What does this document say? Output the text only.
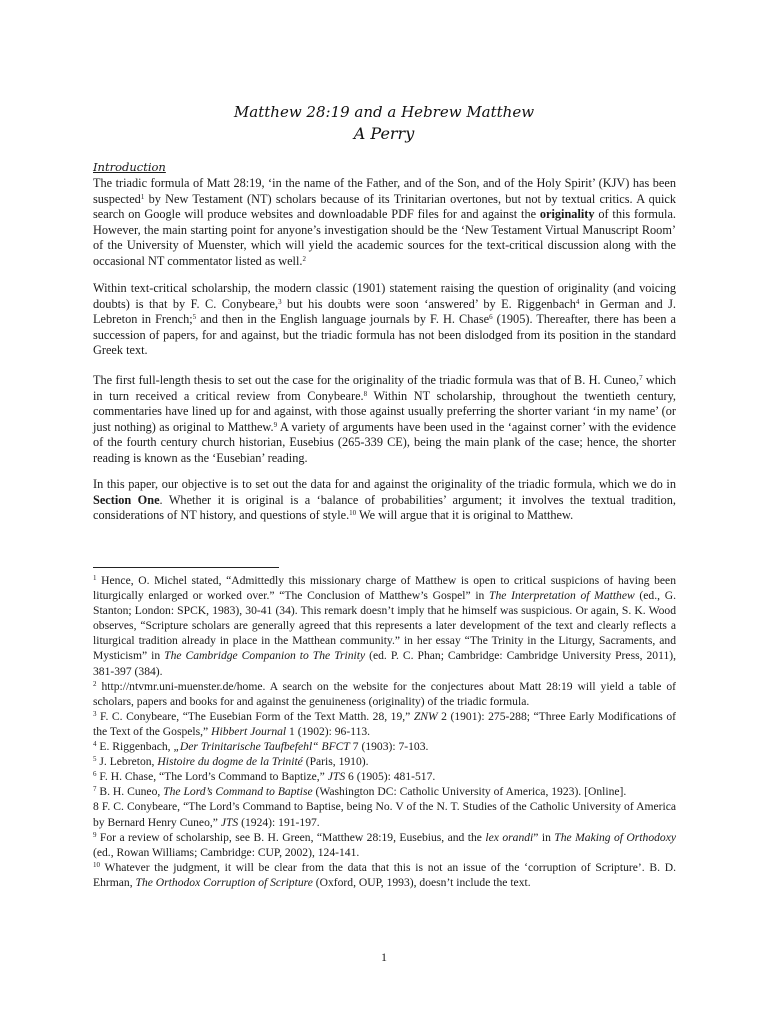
Matthew 28:19 and a Hebrew Matthew
A Perry
Introduction

The triadic formula of Matt 28:19, ‘in the name of the Father, and of the Son, and of the Holy Spirit’ (KJV) has been suspected$^1$ by New Testament (NT) scholars because of its Trinitarian overtones, but not by textual critics. A quick search on Google will produce websites and downloadable PDF files for and against the originality of this formula. However, the main starting point for anyone’s investigation should be the ‘New Testament Virtual Manuscript Room’ of the University of Muenster, which will yield the academic sources for the text-critical discussion along with the occasional NT commentator listed as well.$^2$

Within text-critical scholarship, the modern classic (1901) statement raising the question of originality (and voicing doubts) is that by F. C. Conybeare,$^3$ but his doubts were soon ‘answered’ by E. Riggenbach$^4$ in German and J. Lebreton in French;$^5$ and then in the English language journals by F. H. Chase$^6$ (1905). Thereafter, there has been a succession of papers, for and against, but the triadic formula has not been dislodged from its position in the standard Greek text.

The first full-length thesis to set out the case for the originality of the triadic formula was that of B. H. Cuneo,$^7$ which in turn received a critical review from Conybeare.$^8$ Within NT scholarship, throughout the twentieth century, commentaries have lined up for and against, with those against usually preferring the shorter variant ‘in my name’ (or just nothing) as original to Matthew.$^9$ A variety of arguments have been used in the ‘against corner’ with the evidence of the fourth century church historian, Eusebius (265-339 CE), being the main plank of the case; hence, the shorter reading is known as the ‘Eusebian’ reading.

In this paper, our objective is to set out the data for and against the originality of the triadic formula, which we do in Section One. Whether it is original is a ‘balance of probabilities’ argument; it involves the textual tradition, considerations of NT history, and questions of style.$^{10}$ We will argue that it is original to Matthew.

$^1$ Hence, O. Michel stated, “Admittedly this missionary charge of Matthew is open to critical suspicions of having been liturgically enlarged or worked over.” “The Conclusion of Matthew’s Gospel” in The Interpretation of Matthew (ed., G. Stanton; London: SPCK, 1983), 30-41 (34). This remark doesn’t imply that he himself was suspicious. Or again, S. K. Wood observes, “Scripture scholars are generally agreed that this represents a later development of the text and clearly reflects a liturgical tradition already in place in the Matthean community.” in her essay “The Trinity in the Liturgy, Sacraments, and Mysticism” in The Cambridge Companion to The Trinity (ed. P. C. Phan; Cambridge: Cambridge University Press, 2011), 381-397 (384).

$^2$ http://ntvmr.uni-muenster.de/home. A search on the website for the conjectures about Matt 28:19 will yield a table of scholars, papers and books for and against the genuineness (originality) of the triadic formula.

$^3$ F. C. Conybeare, “The Eusebian Form of the Text Matth. 28, 19,” ZNW 2 (1901): 275-288; “Three Early Modifications of the Text of the Gospels,” Hibbert Journal 1 (1902): 96-113.

$^4$ E. Riggenbach, „Der Trinitarische Taufbefehl“ BFCT 7 (1903): 7-103.

$^5$ J. Lebreton, Histoire du dogme de la Trinité (Paris, 1910).

$^6$ F. H. Chase, “The Lord’s Command to Baptize,” JTS 6 (1905): 481-517.

$^7$ B. H. Cuneo, The Lord’s Command to Baptise (Washington DC: Catholic University of America, 1923). [Online].

8 F. C. Conybeare, “The Lord’s Command to Baptise, being No. V of the N. T. Studies of the Catholic University of America by Bernard Henry Cuneo,” JTS (1924): 191-197.

$^9$ For a review of scholarship, see B. H. Green, “Matthew 28:19, Eusebius, and the lex orandi” in The Making of Orthodoxy (ed., Rowan Williams; Cambridge: CUP, 2002), 124-141.

$^{10}$ Whatever the judgment, it will be clear from the data that this is not an issue of the ‘corruption of Scripture’. B. D. Ehrman, The Orthodox Corruption of Scripture (Oxford, OUP, 1993), doesn’t include the text.

1
